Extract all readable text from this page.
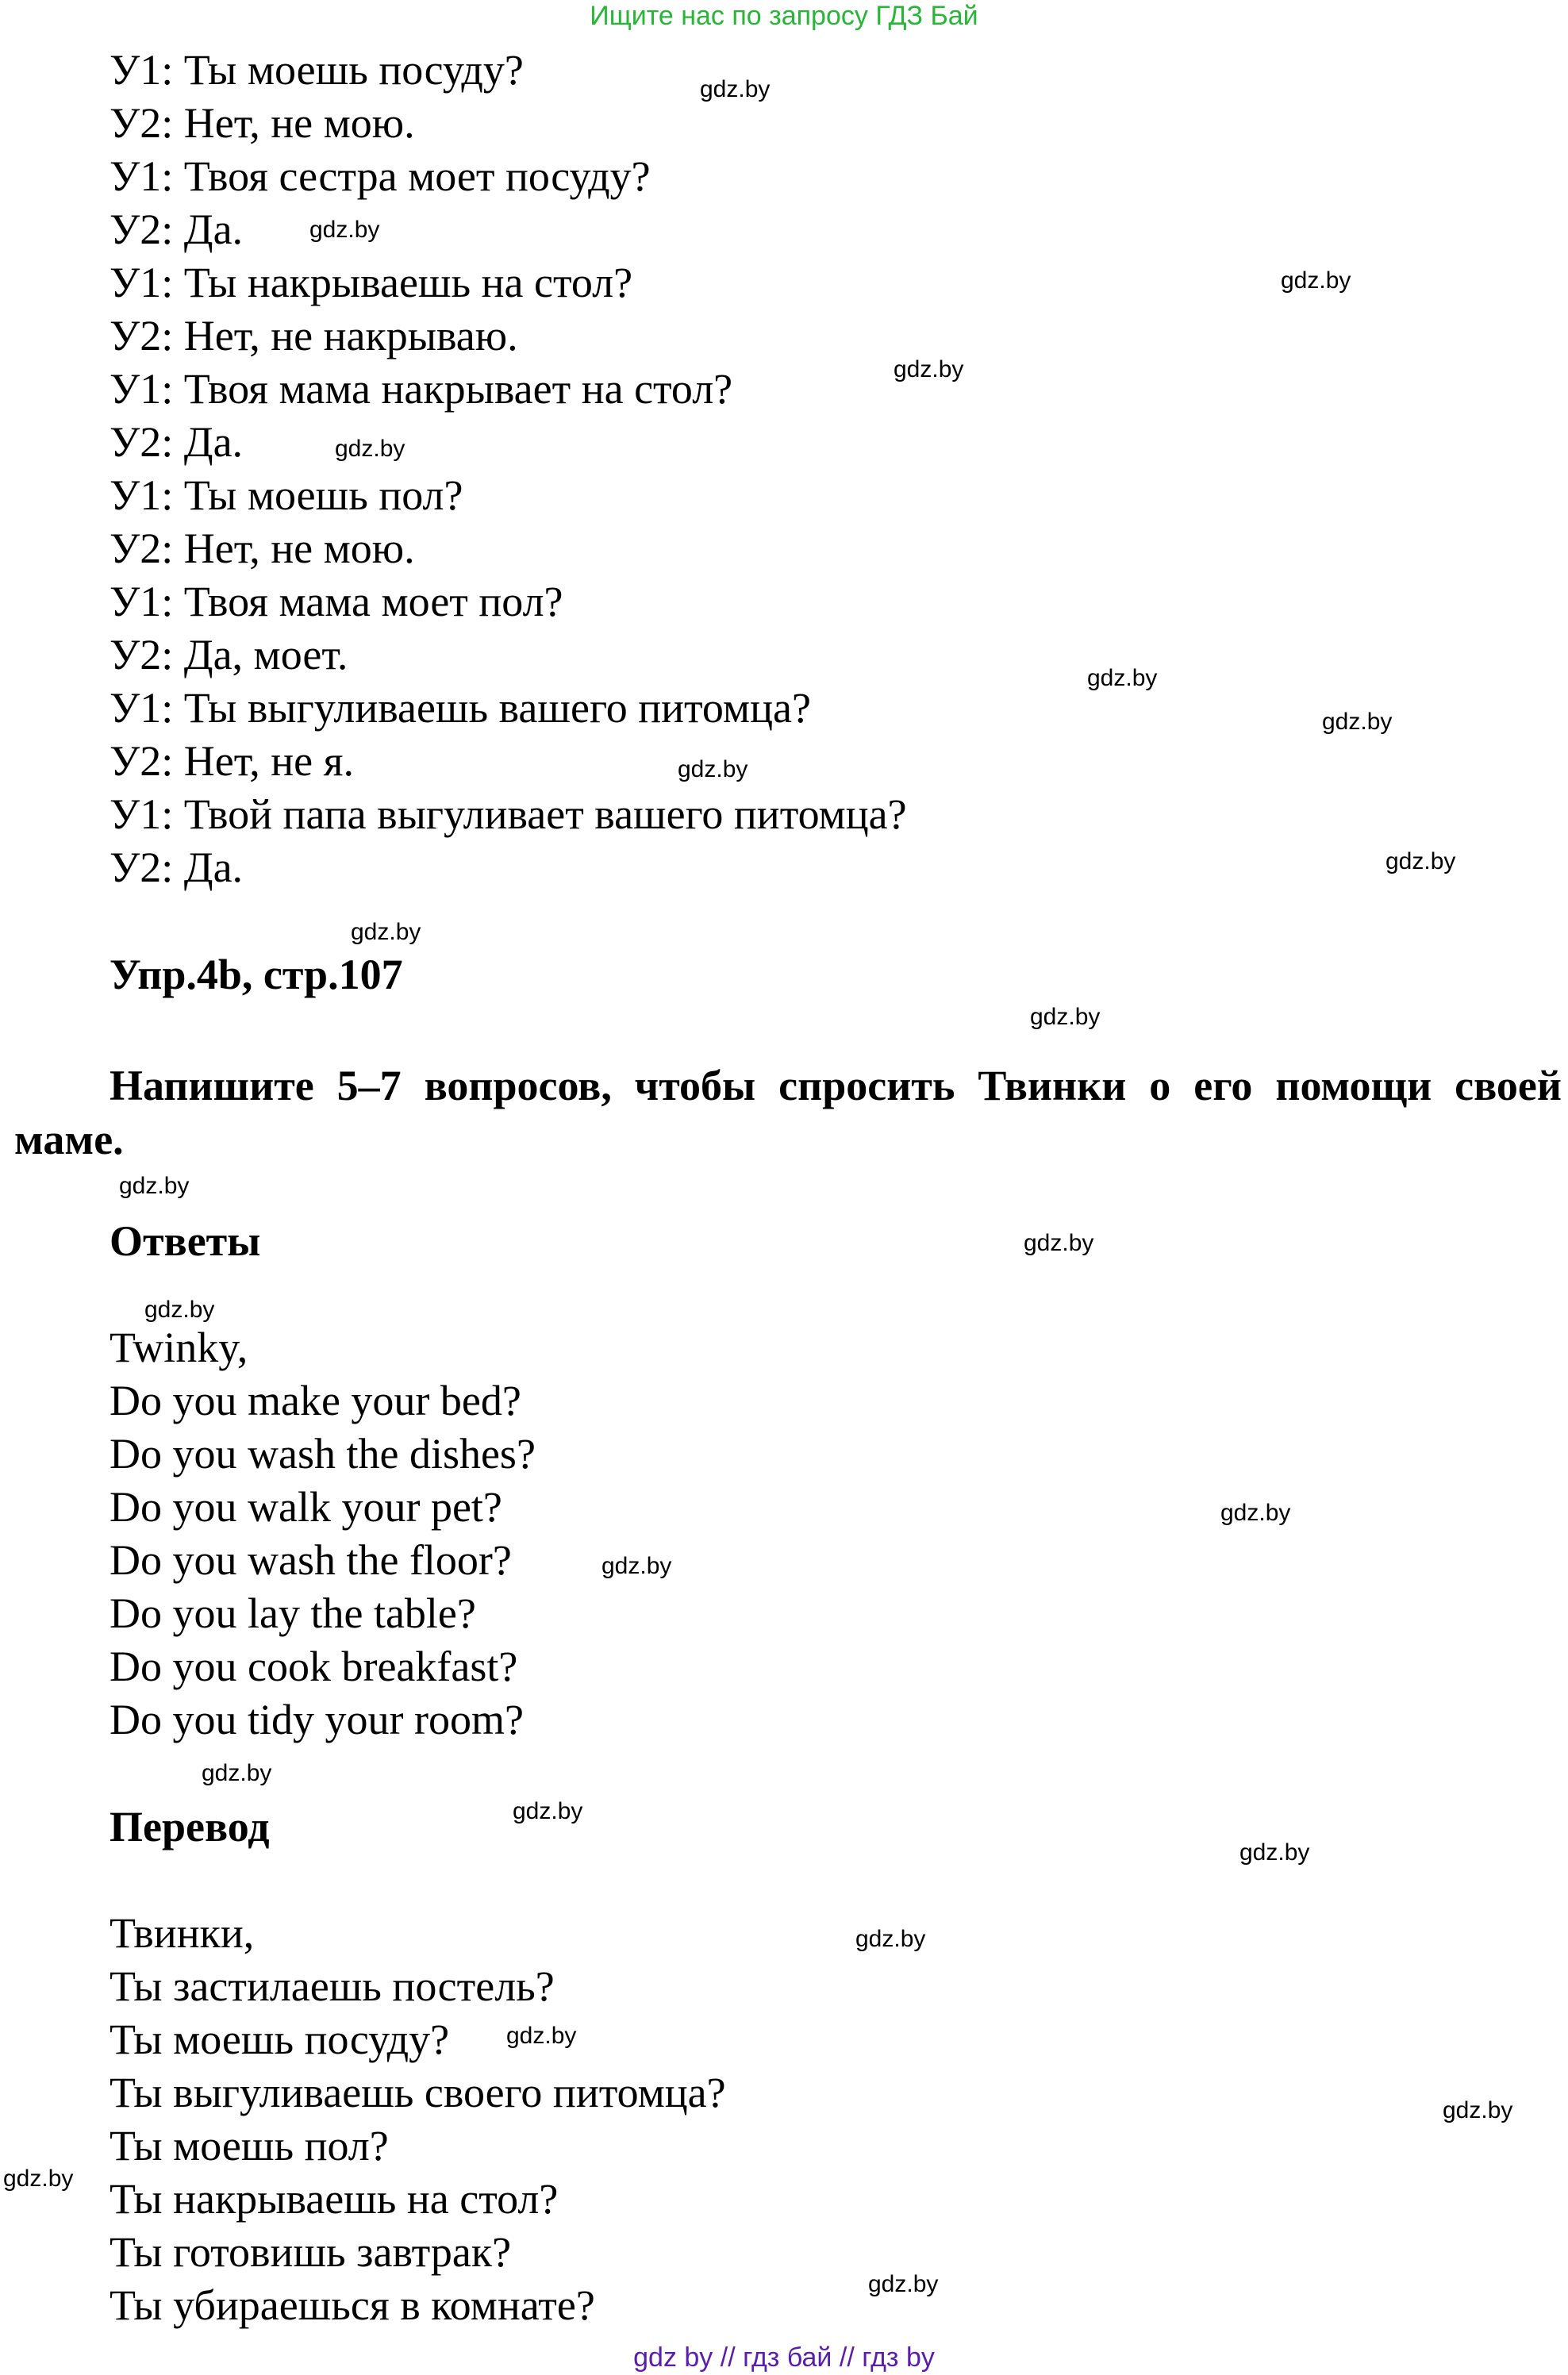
Ищите нас по запросу ГДЗ Бай
У1: Ты моешь посуду?
У2: Нет, не мою.
У1: Твоя сестра моет посуду?
У2: Да.
У1: Ты накрываешь на стол?
У2: Нет, не накрываю.
У1: Твоя мама накрывает на стол?
У2: Да.
У1: Ты моешь пол?
У2: Нет, не мою.
У1: Твоя мама моет пол?
У2: Да, моет.
У1: Ты выгуливаешь вашего питомца?
У2: Нет, не я.
У1: Твой папа выгуливает вашего питомца?
У2: Да.
Упр.4b, стр.107
Напишите 5–7 вопросов, чтобы спросить Твинки о его помощи своей маме.
Ответы
Twinky,
Do you make your bed?
Do you wash the dishes?
Do you walk your pet?
Do you wash the floor?
Do you lay the table?
Do you cook breakfast?
Do you tidy your room?
Перевод
Твинки,
Ты застилаешь постель?
Ты моешь посуду?
Ты выгуливаешь своего питомца?
Ты моешь пол?
Ты накрываешь на стол?
Ты готовишь завтрак?
Ты убираешься в комнате?
gdz.by
gdz.by
gdz.by
gdz.by
gdz.by
gdz.by
gdz.by
gdz.by
gdz.by
gdz.by
gdz.by
gdz.by
gdz.by
gdz.by
gdz.by
gdz.by
gdz.by
gdz.by
gdz.by
gdz.by
gdz.by
gdz.by
gdz.by
gdz.by
gdz by // гдз бай // гдз by
